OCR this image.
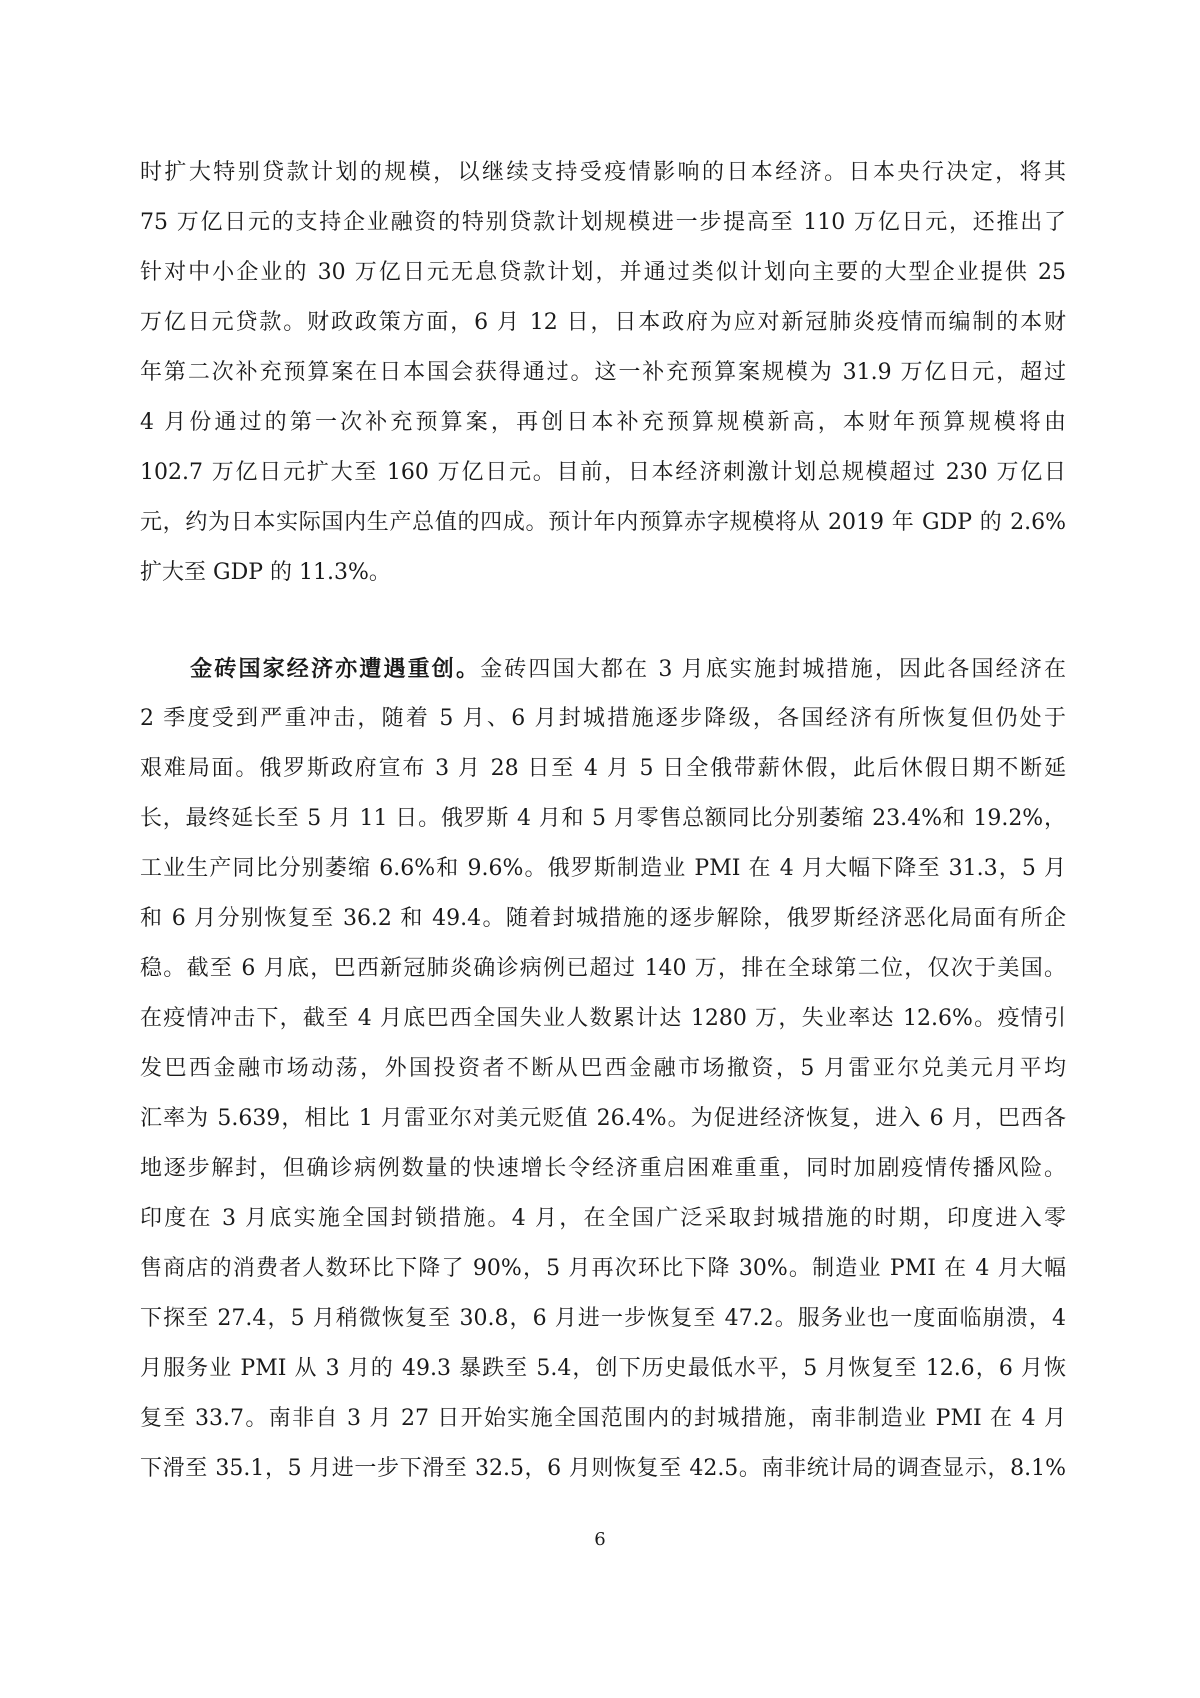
时扩大特别贷款计划的规模，以继续支持受疫情影响的日本经济。日本央行决定，将其
75 万亿日元的支持企业融资的特别贷款计划规模进一步提高至 110 万亿日元，还推出了
针对中小企业的 30 万亿日元无息贷款计划，并通过类似计划向主要的大型企业提供 25
万亿日元贷款。财政政策方面，6 月 12 日，日本政府为应对新冠肺炎疫情而编制的本财
年第二次补充预算案在日本国会获得通过。这一补充预算案规模为 31.9 万亿日元，超过
4 月份通过的第一次补充预算案，再创日本补充预算规模新高，本财年预算规模将由
102.7 万亿日元扩大至 160 万亿日元。目前，日本经济刺激计划总规模超过 230 万亿日
元，约为日本实际国内生产总值的四成。预计年内预算赤字规模将从 2019 年 GDP 的 2.6%
扩大至 GDP 的 11.3%。
金砖国家经济亦遭遇重创。金砖四国大都在 3 月底实施封城措施，因此各国经济在
2 季度受到严重冲击，随着 5 月、6 月封城措施逐步降级，各国经济有所恢复但仍处于
艰难局面。俄罗斯政府宣布 3 月 28 日至 4 月 5 日全俄带薪休假，此后休假日期不断延
长，最终延长至 5 月 11 日。俄罗斯 4 月和 5 月零售总额同比分别萎缩 23.4%和 19.2%，
工业生产同比分别萎缩 6.6%和 9.6%。俄罗斯制造业 PMI 在 4 月大幅下降至 31.3，5 月
和 6 月分别恢复至 36.2 和 49.4。随着封城措施的逐步解除，俄罗斯经济恶化局面有所企
稳。截至 6 月底，巴西新冠肺炎确诊病例已超过 140 万，排在全球第二位，仅次于美国。
在疫情冲击下，截至 4 月底巴西全国失业人数累计达 1280 万，失业率达 12.6%。疫情引
发巴西金融市场动荡，外国投资者不断从巴西金融市场撤资，5 月雷亚尔兑美元月平均
汇率为 5.639，相比 1 月雷亚尔对美元贬值 26.4%。为促进经济恢复，进入 6 月，巴西各
地逐步解封，但确诊病例数量的快速增长令经济重启困难重重，同时加剧疫情传播风险。
印度在 3 月底实施全国封锁措施。4 月，在全国广泛采取封城措施的时期，印度进入零
售商店的消费者人数环比下降了 90%，5 月再次环比下降 30%。制造业 PMI 在 4 月大幅
下探至 27.4，5 月稍微恢复至 30.8，6 月进一步恢复至 47.2。服务业也一度面临崩溃，4
月服务业 PMI 从 3 月的 49.3 暴跌至 5.4，创下历史最低水平，5 月恢复至 12.6，6 月恢
复至 33.7。南非自 3 月 27 日开始实施全国范围内的封城措施，南非制造业 PMI 在 4 月
下滑至 35.1，5 月进一步下滑至 32.5，6 月则恢复至 42.5。南非统计局的调查显示，8.1%
6
